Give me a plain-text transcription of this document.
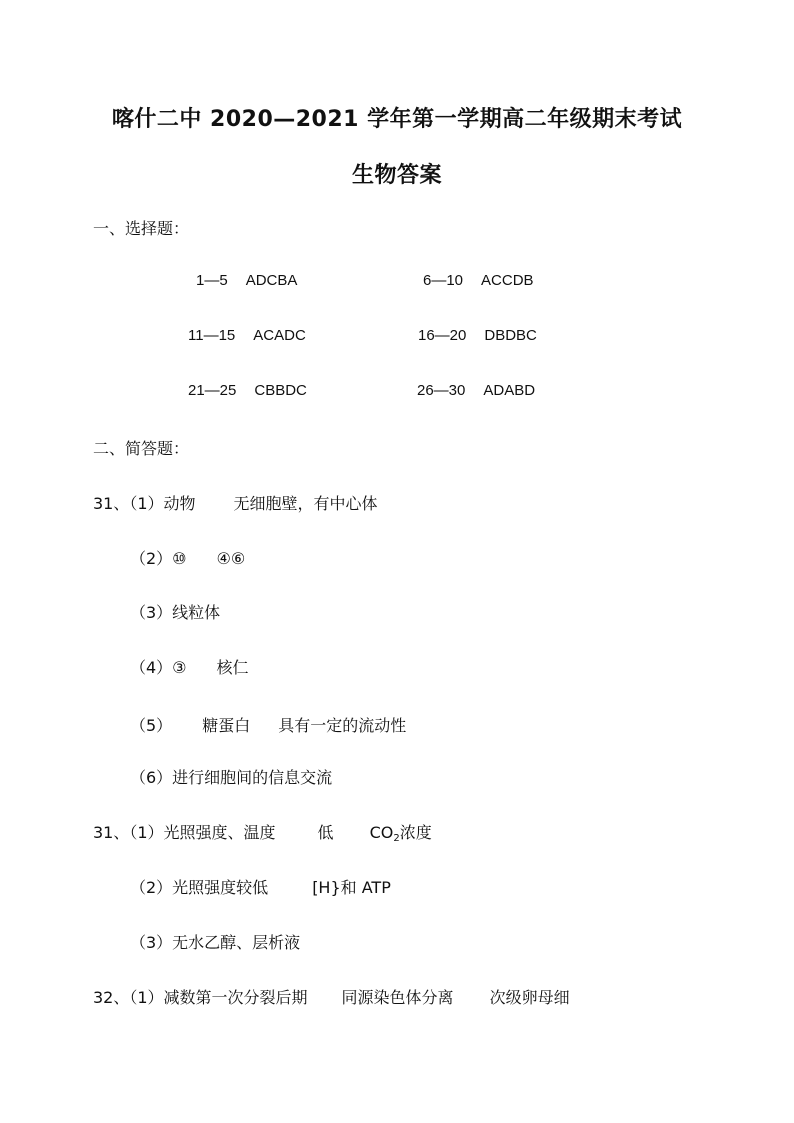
喀什二中 2020—2021 学年第一学期高二年级期末考试
生物答案
一、选择题：
1—5 ADCBA	6—10 ACCDB
11—15 ACADC	16—20 DBDBC
21—25 CBBDC	26—30 ADABD
二、简答题：
31、（1）动物 无细胞壁，有中心体
（2）⑩ ④⑥
（3）线粒体
（4）③ 核仁
（5） 糖蛋白 具有一定的流动性
（6）进行细胞间的信息交流
31、（1）光照强度、温度	低 $CO_2$浓度
（2）光照强度较低	[H}和 ATP
（3）无水乙醇、层析液
32、（1）减数第一次分裂后期 同源染色体分离 次级卵母细
